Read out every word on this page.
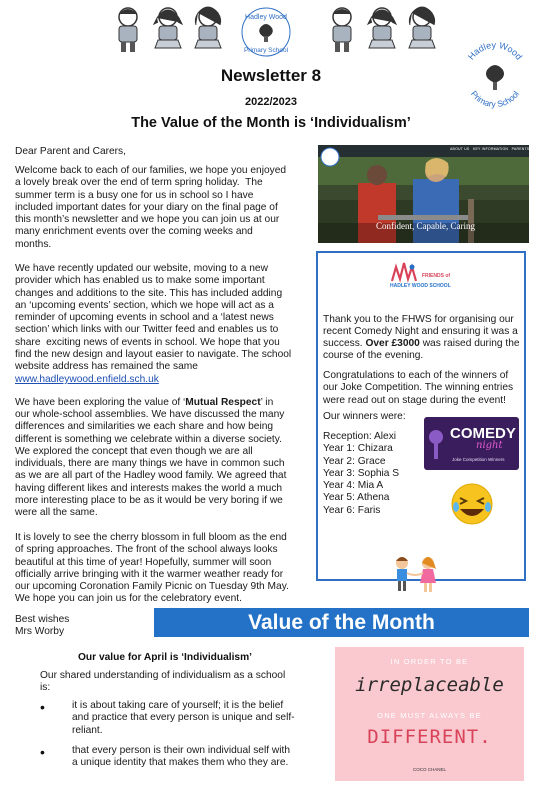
Hadley Wood
Primary School	Hadley Wood
Primary School
Newsletter 8
2022/2023
The Value of the Month is ‘Individualism’
Dear Parent and Carers,
Welcome back to each of our families, we hope you enjoyed
a lovely break over the end of term spring holiday.  The
summer term is a busy one for us in school so I have
included important dates for your diary on the final page of
this month’s newsletter and we hope you can join us at our
many enrichment events over the coming weeks and
months.
We have recently updated our website, moving to a new
provider which has enabled us to make some important
changes and additions to the site. This has included adding
an ‘upcoming events’ section, which we hope will act as a
reminder of upcoming events in school and a ‘latest news
section’ which links with our Twitter feed and enables us to
share  exciting news of events in school. We hope that you
find the new design and layout easier to navigate. The school
website address has remained the same
www.hadleywood.enfield.sch.uk
We have been exploring the value of ‘Mutual Respect’ in
our whole-school assemblies. We have discussed the many
differences and similarities we each share and how being
different is something we celebrate within a diverse society.
We explored the concept that even though we are all
individuals, there are many things we have in common such
as we are all part of the Hadley wood family. We agreed that
having different likes and interests makes the world a much
more interesting place to be as it would be very boring if we
were all the same.
It is lovely to see the cherry blossom in full bloom as the end
of spring approaches. The front of the school always looks
beautiful at this time of year! Hopefully, summer will soon
officially arrive bringing with it the warmer weather ready for
our upcoming Coronation Family Picnic on Tuesday 9th May.
We hope you can join us for the celebratory event.
Best wishes
Mrs Worby
ABOUT US KEY INFORMATION PARENTS CONTACT US
Confident, Capable, Caring
FRIENDS of
HADLEY WOOD SCHOOL
Thank you to the FHWS for organising our
recent Comedy Night and ensuring it was a
success. Over £3000 was raised during the
course of the evening.
Congratulations to each of the winners of
our Joke Competition. The winning entries
were read out on stage during the event!
Our winners were:
Reception: Alexi
Year 1: Chizara
Year 2: Grace
Year 3: Sophia S
Year 4: Mia A
Year 5: Athena
Year 6: Faris
COMEDY
night
Joke Competition Winners
Value of the Month
Our value for April is ‘Individualism’
Our shared understanding of individualism as a school
is:
•	it is about taking care of yourself; it is the belief
and practice that every person is unique and self-
reliant.
•	that every person is their own individual self with
a unique identity that makes them who they are.
IN ORDER TO BE
irreplaceable
ONE MUST ALWAYS BE
DIFFERENT.
COCO CHANEL
